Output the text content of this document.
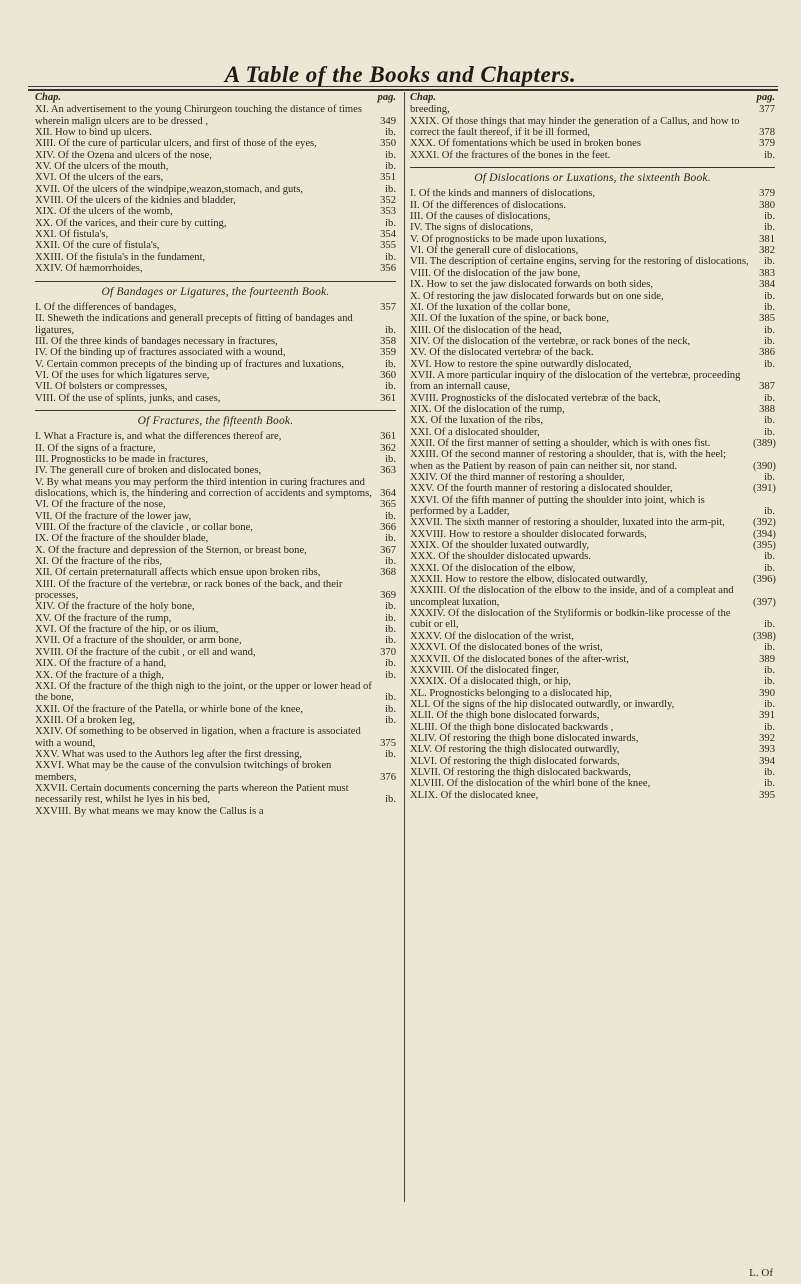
A Table of the Books and Chapters.
Chap.	pag.
XI. An advertisement to the young Chirurgeon touching the distance of times wherein malign ulcers are to be dressed ,	349
XII. How to bind up ulcers.	ib.
XIII. Of the cure of particular ulcers, and first of those of the eyes,	350
XIV. Of the Ozena and ulcers of the nose,	ib.
XV. Of the ulcers of the mouth,	ib.
XVI. Of the ulcers of the ears,	351
XVII. Of the ulcers of the windpipe,weazon,stomach, and guts,	ib.
XVIII. Of the ulcers of the kidnies and bladder,	352
XIX. Of the ulcers of the womb,	353
XX. Of the varices, and their cure by cutting,	ib.
XXI. Of fistula's,	354
XXII. Of the cure of fistula's,	355
XXIII. Of the fistula's in the fundament,	ib.
XXIV. Of hæmorrhoides,	356
Of Bandages or Ligatures, the fourteenth Book.
I. Of the differences of bandages,	357
II. Sheweth the indications and generall precepts of fitting of bandages and ligatures,	ib.
III. Of the three kinds of bandages necessary in fractures,	358
IV. Of the binding up of fractures associated with a wound,	359
V. Certain common precepts of the binding up of fractures and luxations,	ib.
VI. Of the uses for which ligatures serve,	360
VII. Of bolsters or compresses,	ib.
VIII. Of the use of splints, junks, and cases,	361
Of Fractures, the fifteenth Book.
I. What a Fracture is, and what the differences thereof are,	361
II. Of the signs of a fracture,	362
III. Prognosticks to be made in fractures,	ib.
IV. The generall cure of broken and dislocated bones,	363
V. By what means you may perform the third intention in curing fractures and dislocations, which is, the hindering and correction of accidents and symptoms, 364
VI. Of the fracture of the nose,	365
VII. Of the fracture of the lower jaw,	ib.
VIII. Of the fracture of the clavicle , or collar bone,	366
IX. Of the fracture of the shoulder blade,	ib.
X. Of the fracture and depression of the Sternon, or breast bone,	367
XI. Of the fracture of the ribs,	ib.
XII. Of certain preternaturall affects which ensue upon broken ribs,	368
XIII. Of the fracture of the vertebræ, or rack bones of the back, and their processes,	369
XIV. Of the fracture of the holy bone,	ib.
XV. Of the fracture of the rump,	ib.
XVI. Of the fracture of the hip, or os ilium,	ib.
XVII. Of a fracture of the shoulder, or arm bone,	ib.
XVIII. Of the fracture of the cubit , or ell and wand,	370
XIX. Of the fracture of a hand,	ib.
XX. Of the fracture of a thigh,	ib.
XXI. Of the fracture of the thigh nigh to the joint, or the upper or lower head of the bone,	ib.
XXII. Of the fracture of the Patella, or whirle bone of the knee,	ib.
XXIII. Of a broken leg,	ib.
XXIV. Of something to be observed in ligation, when a fracture is associated with a wound,	375
XXV. What was used to the Authors leg after the first dressing,	ib.
XXVI. What may be the cause of the convulsion twitchings of broken members,	376
XXVII. Certain documents concerning the parts whereon the Patient must necessarily rest, whilst he lyes in his bed,	ib.
XXVIII. By what means we may know the Callus is a
Chap.	pag.
breeding,	377
XXIX. Of those things that may hinder the generation of a Callus, and how to correct the fault thereof, if it be ill formed,	378
XXX. Of fomentations which be used in broken bones	379
XXXI. Of the fractures of the bones in the feet.	ib.
Of Dislocations or Luxations, the sixteenth Book.
I. Of the kinds and manners of dislocations,	379
II. Of the differences of dislocations.	380
III. Of the causes of dislocations,	ib.
IV. The signs of dislocations,	ib.
V. Of prognosticks to be made upon luxations,	381
VI. Of the generall cure of dislocations,	382
VII. The description of certaine engins, serving for the restoring of dislocations,	ib.
VIII. Of the dislocation of the jaw bone,	383
IX. How to set the jaw dislocated forwards on both sides,	384
X. Of restoring the jaw dislocated forwards but on one side,	ib.
XI. Of the luxation of the collar bone,	ib.
XII. Of the luxation of the spine, or back bone,	385
XIII. Of the dislocation of the head,	ib.
XIV. Of the dislocation of the vertebræ, or rack bones of the neck,	ib.
XV. Of the dislocated vertebræ of the back.	386
XVI. How to restore the spine outwardly dislocated,	ib.
XVII. A more particular inquiry of the dislocation of the vertebræ, proceeding from an internall cause,	387
XVIII. Prognosticks of the dislocated vertebræ of the back,	ib.
XIX. Of the dislocation of the rump,	388
XX. Of the luxation of the ribs,	ib.
XXI. Of a dislocated shoulder,	ib.
XXII. Of the first manner of setting a shoulder, which is with ones fist.	(389)
XXIII. Of the second manner of restoring a shoulder, that is, with the heel; when as the Patient by reason of pain can neither sit, nor stand.	(390)
XXIV. Of the third manner of restoring a shoulder,	ib.
XXV. Of the fourth manner of restoring a dislocated shoulder,	(391)
XXVI. Of the fifth manner of putting the shoulder into joint, which is performed by a Ladder,	ib.
XXVII. The sixth manner of restoring a shoulder, luxated into the arm-pit,	(392)
XXVIII. How to restore a shoulder dislocated forwards,	(394)
XXIX. Of the shoulder luxated outwardly,	(395)
XXX. Of the shoulder dislocated upwards.	ib.
XXXI. Of the dislocation of the elbow,	ib.
XXXII. How to restore the elbow, dislocated outwardly,	(396)
XXXIII. Of the dislocation of the elbow to the inside, and of a compleat and uncompleat luxation,	(397)
XXXIV. Of the dislocation of the Styliformis or bodkin-like processe of the cubit or ell,	ib.
XXXV. Of the dislocation of the wrist,	(398)
XXXVI. Of the dislocated bones of the wrist,	ib.
XXXVII. Of the dislocated bones of the after-wrist,	389
XXXVIII. Of the dislocated finger,	ib.
XXXIX. Of a dislocated thigh, or hip,	ib.
XL. Prognosticks belonging to a dislocated hip,	390
XLI. Of the signs of the hip dislocated outwardly, or inwardly,	ib.
XLII. Of the thigh bone dislocated forwards,	391
XLIII. Of the thigh bone dislocated backwards ,	ib.
XLIV. Of restoring the thigh bone dislocated inwards,	392
XLV. Of restoring the thigh dislocated outwardly,	393
XLVI. Of restoring the thigh dislocated forwards,	394
XLVII. Of restoring the thigh dislocated backwards,	ib.
XLVIII. Of the dislocation of the whirl bone of the knee,	ib.
XLIX. Of the dislocated knee,	395
L. Of
